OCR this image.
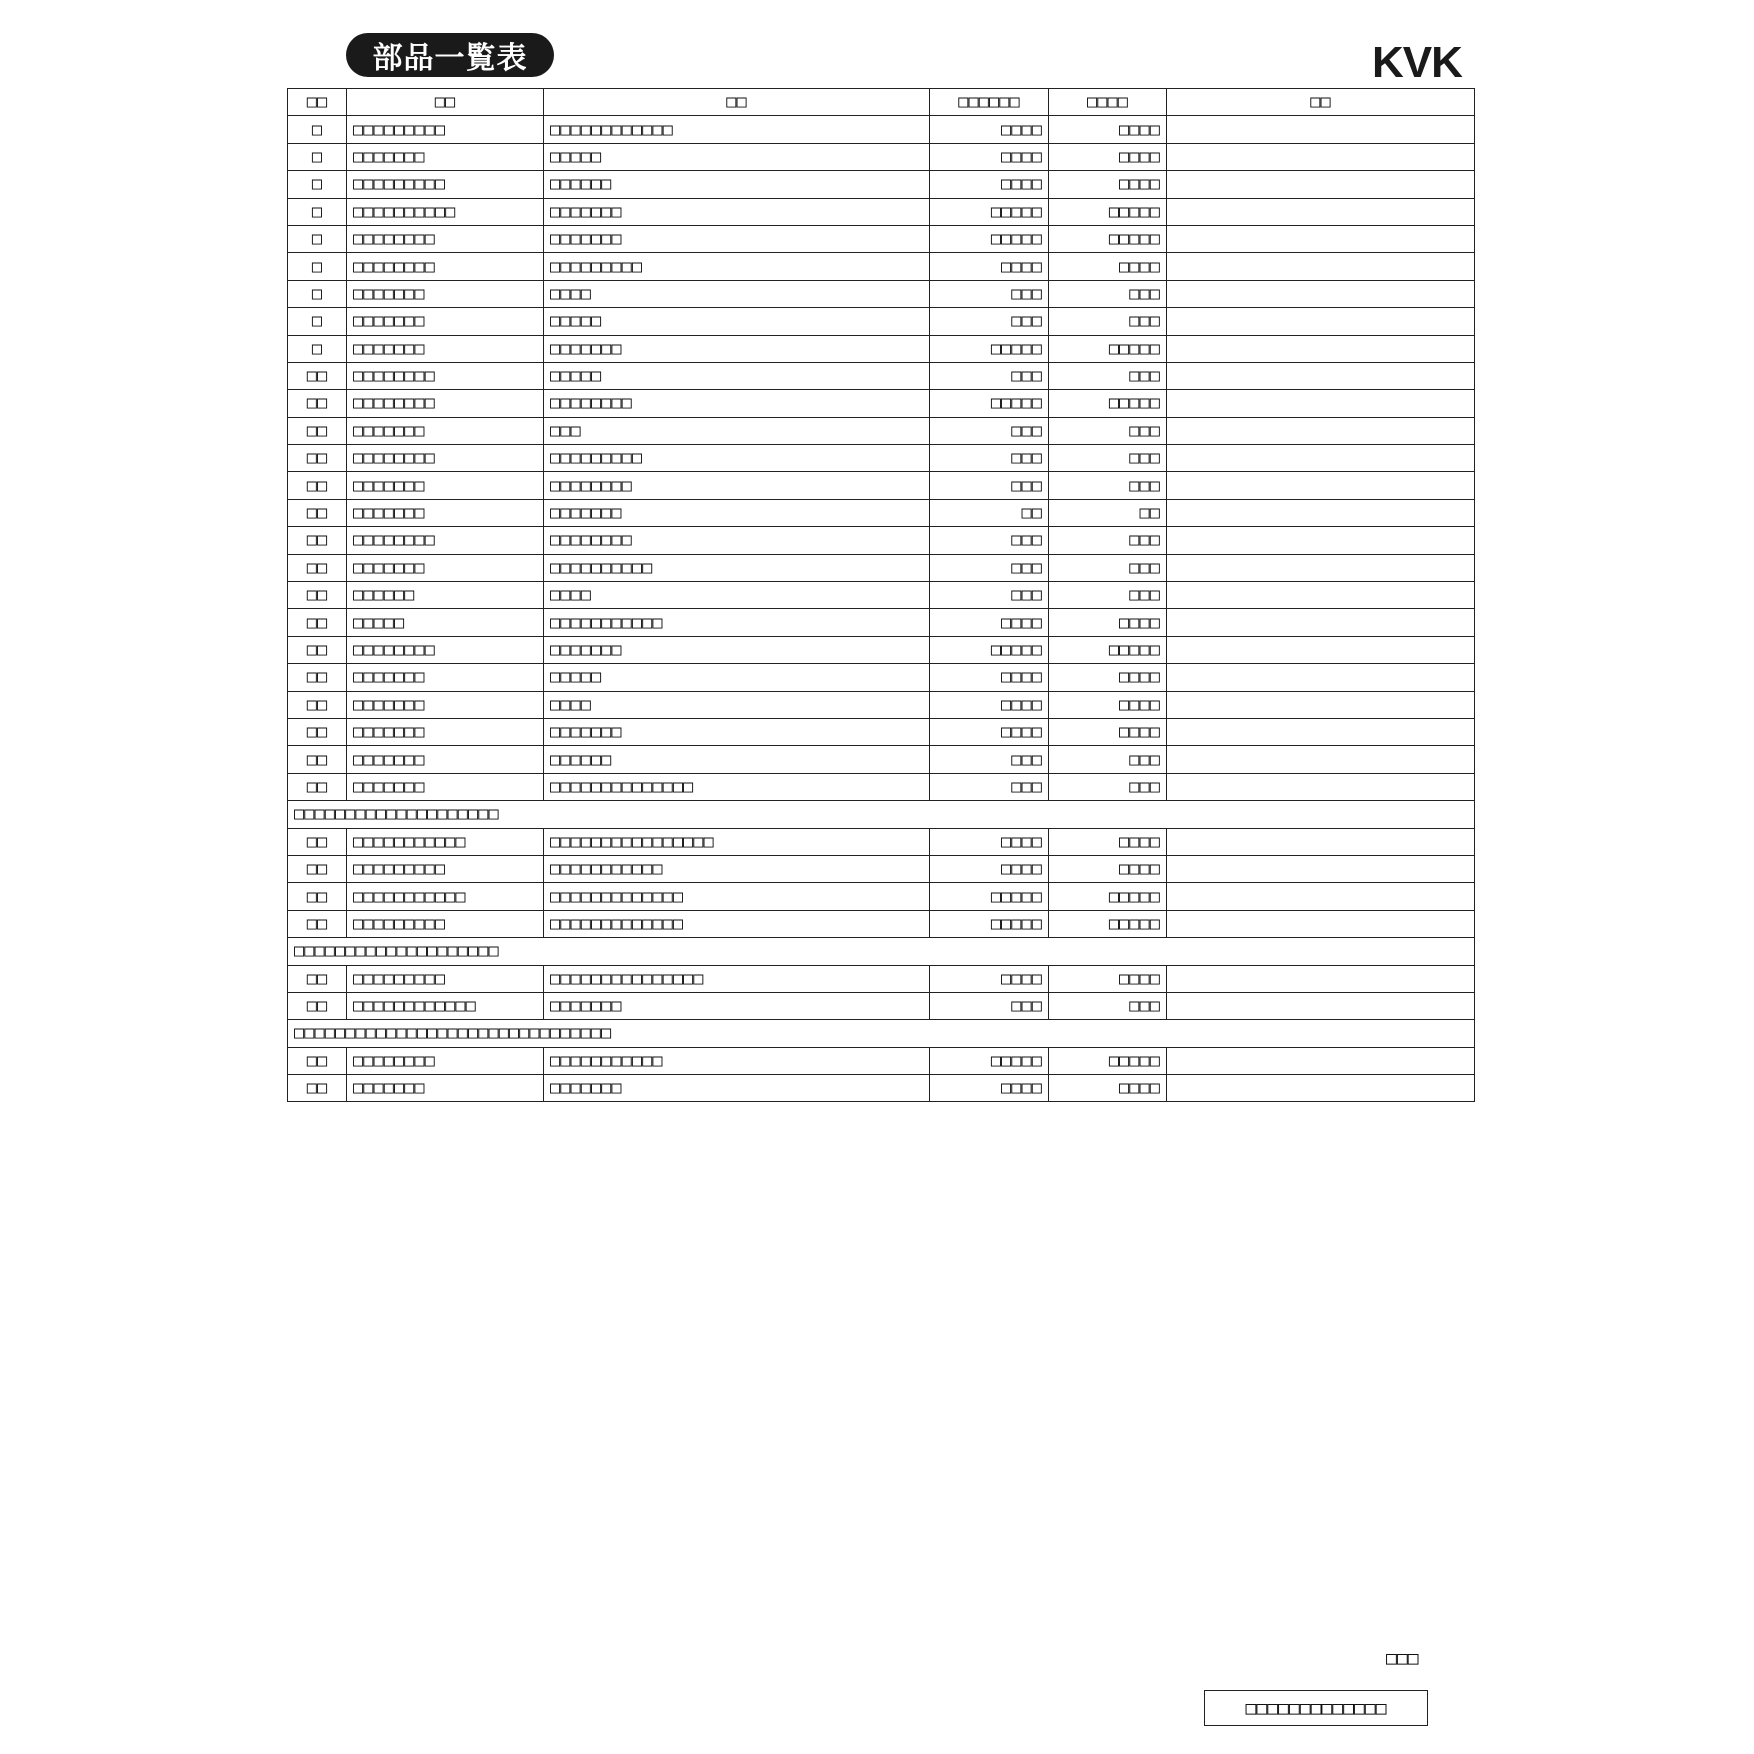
部品一覧表	KVK
□□	□□	□□	□□□□□□	□□□□	□□
□	□□□□□□□□□	□□□□□□□□□□□□	□□□□	□□□□	
□	□□□□□□□	□□□□□	□□□□	□□□□	
□	□□□□□□□□□	□□□□□□	□□□□	□□□□	
□	□□□□□□□□□□	□□□□□□□	□□□□□	□□□□□	
□	□□□□□□□□	□□□□□□□	□□□□□	□□□□□	
□	□□□□□□□□	□□□□□□□□□	□□□□	□□□□	
□	□□□□□□□	□□□□	□□□	□□□	
□	□□□□□□□	□□□□□	□□□	□□□	
□	□□□□□□□	□□□□□□□	□□□□□	□□□□□	
□□	□□□□□□□□	□□□□□	□□□	□□□	
□□	□□□□□□□□	□□□□□□□□	□□□□□	□□□□□	
□□	□□□□□□□	□□□	□□□	□□□	
□□	□□□□□□□□	□□□□□□□□□	□□□	□□□	
□□	□□□□□□□	□□□□□□□□	□□□	□□□	
□□	□□□□□□□	□□□□□□□	□□	□□	
□□	□□□□□□□□	□□□□□□□□	□□□	□□□	
□□	□□□□□□□	□□□□□□□□□□	□□□	□□□	
□□	□□□□□□	□□□□	□□□	□□□	
□□	□□□□□	□□□□□□□□□□□	□□□□	□□□□	
□□	□□□□□□□□	□□□□□□□	□□□□□	□□□□□	
□□	□□□□□□□	□□□□□	□□□□	□□□□	
□□	□□□□□□□	□□□□	□□□□	□□□□	
□□	□□□□□□□	□□□□□□□	□□□□	□□□□	
□□	□□□□□□□	□□□□□□	□□□	□□□	
□□	□□□□□□□	□□□□□□□□□□□□□□	□□□	□□□	
□□□□□□□□□□□□□□□□□□□□					
□□	□□□□□□□□□□□	□□□□□□□□□□□□□□□□	□□□□	□□□□	
□□	□□□□□□□□□	□□□□□□□□□□□	□□□□	□□□□	
□□	□□□□□□□□□□□	□□□□□□□□□□□□□	□□□□□	□□□□□	
□□	□□□□□□□□□	□□□□□□□□□□□□□	□□□□□	□□□□□	
□□□□□□□□□□□□□□□□□□□□					
□□	□□□□□□□□□	□□□□□□□□□□□□□□□	□□□□	□□□□	
□□	□□□□□□□□□□□□	□□□□□□□	□□□	□□□	
□□□□□□□□□□□□□□□□□□□□□□□□□□□□□□□					
□□	□□□□□□□□	□□□□□□□□□□□	□□□□□	□□□□□	
□□	□□□□□□□	□□□□□□□	□□□□	□□□□	
□□□
□□□□□□□□□□□□□
